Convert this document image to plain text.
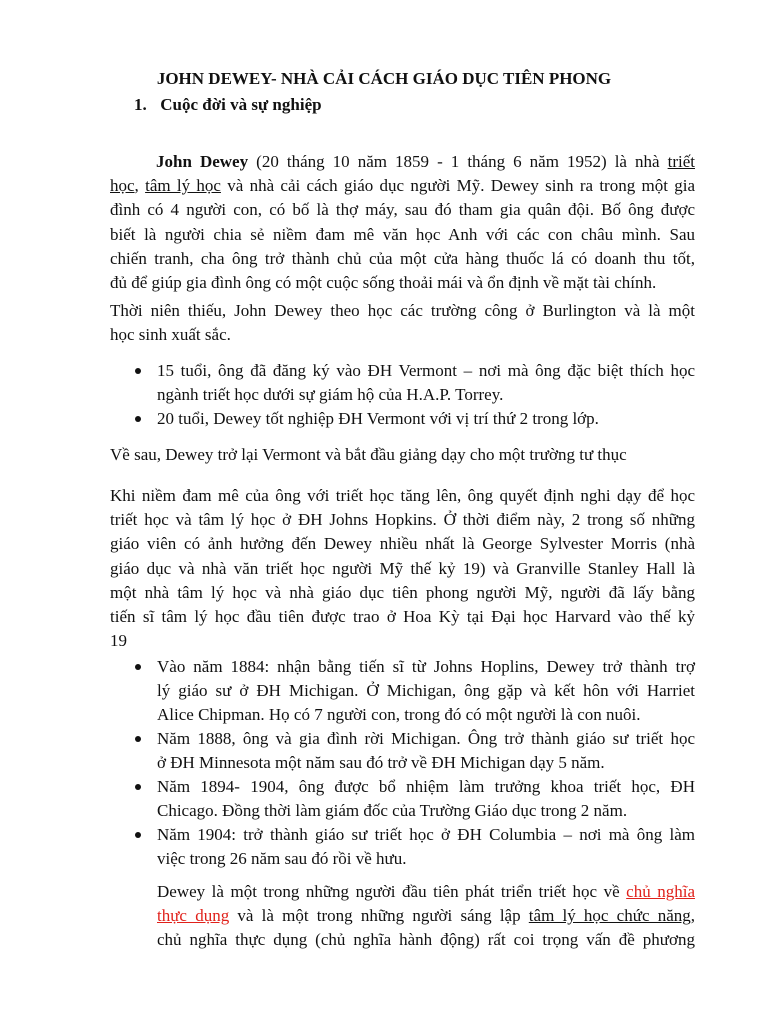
JOHN DEWEY- NHÀ CẢI CÁCH GIÁO DỤC TIÊN PHONG
1. Cuộc đời và sự nghiệp
John Dewey (20 tháng 10 năm 1859 - 1 tháng 6 năm 1952) là nhà triết
học, tâm lý học và nhà cải cách giáo dục người Mỹ. Dewey sinh ra trong một gia
đình có 4 người con, có bố là thợ máy, sau đó tham gia quân đội. Bố ông được
biết là người chia sẻ niềm đam mê văn học Anh với các con châu mình. Sau
chiến tranh, cha ông trở thành chủ của một cửa hàng thuốc lá có doanh thu tốt,
đủ để giúp gia đình ông có một cuộc sống thoải mái và ổn định về mặt tài chính.
Thời niên thiếu, John Dewey theo học các trường công ở Burlington và là một
học sinh xuất sắc.
15 tuổi, ông đã đăng ký vào ĐH Vermont – nơi mà ông đặc biệt thích học
ngành triết học dưới sự giám hộ của H.A.P. Torrey.
20 tuổi, Dewey tốt nghiệp ĐH Vermont với vị trí thứ 2 trong lớp.
Về sau, Dewey trở lại Vermont và bắt đầu giảng dạy cho một trường tư thục
Khi niềm đam mê của ông với triết học tăng lên, ông quyết định nghi dạy để học
triết học và tâm lý học ở ĐH Johns Hopkins. Ở thời điểm này, 2 trong số những
giáo viên có ảnh hưởng đến Dewey nhiều nhất là George Sylvester Morris (nhà
giáo dục và nhà văn triết học người Mỹ thế kỷ 19) và Granville Stanley Hall là
một nhà tâm lý học và nhà giáo dục tiên phong người Mỹ, người đã lấy bằng
tiến sĩ tâm lý học đầu tiên được trao ở Hoa Kỳ tại Đại học Harvard vào thế kỷ
19
Vào năm 1884: nhận bằng tiến sĩ từ Johns Hoplins, Dewey trở thành trợ
lý giáo sư ở ĐH Michigan. Ở Michigan, ông gặp và kết hôn với Harriet
Alice Chipman. Họ có 7 người con, trong đó có một người là con nuôi.
Năm 1888, ông và gia đình rời Michigan. Ông trở thành giáo sư triết học
ở ĐH Minnesota một năm sau đó trở về ĐH Michigan dạy 5 năm.
Năm 1894- 1904, ông được bổ nhiệm làm trưởng khoa triết học, ĐH
Chicago. Đồng thời làm giám đốc của Trường Giáo dục trong 2 năm.
Năm 1904: trở thành giáo sư triết học ở ĐH Columbia – nơi mà ông làm
việc trong 26 năm sau đó rồi về hưu.
Dewey là một trong những người đầu tiên phát triển triết học về chủ nghĩa
thực dụng và là một trong những người sáng lập tâm lý học chức năng,
chủ nghĩa thực dụng (chủ nghĩa hành động) rất coi trọng vấn đề phương
